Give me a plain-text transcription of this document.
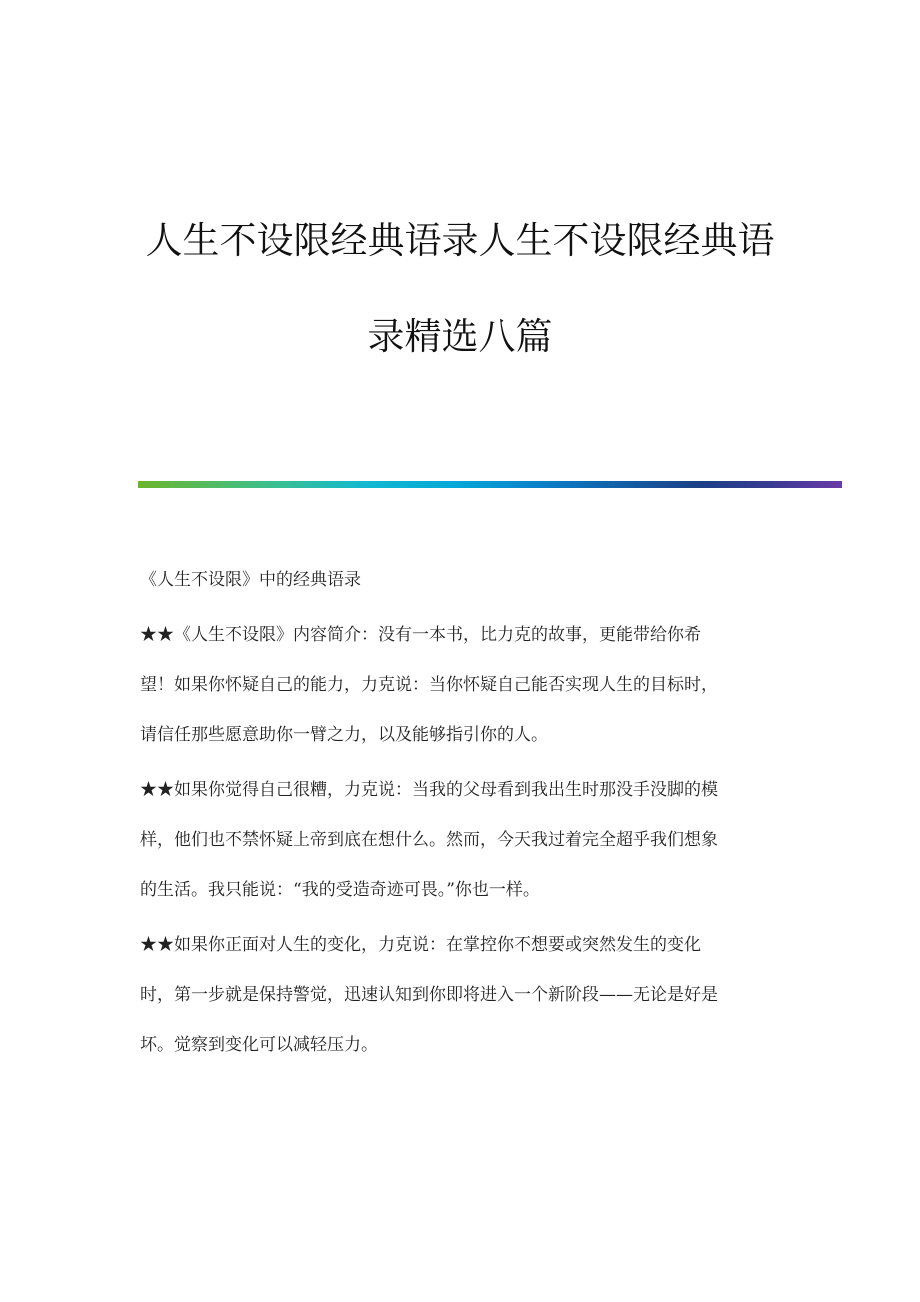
人生不设限经典语录人生不设限经典语
录精选八篇
《人生不设限》中的经典语录
★★《人生不设限》内容简介：没有一本书，比力克的故事，更能带给你希
望！如果你怀疑自己的能力，力克说：当你怀疑自己能否实现人生的目标时，
请信任那些愿意助你一臂之力，以及能够指引你的人。
★★如果你觉得自己很糟，力克说：当我的父母看到我出生时那没手没脚的模
样，他们也不禁怀疑上帝到底在想什么。然而，今天我过着完全超乎我们想象
的生活。我只能说：“我的受造奇迹可畏。”你也一样。
★★如果你正面对人生的变化，力克说：在掌控你不想要或突然发生的变化
时，第一步就是保持警觉，迅速认知到你即将进入一个新阶段——无论是好是
坏。觉察到变化可以减轻压力。
